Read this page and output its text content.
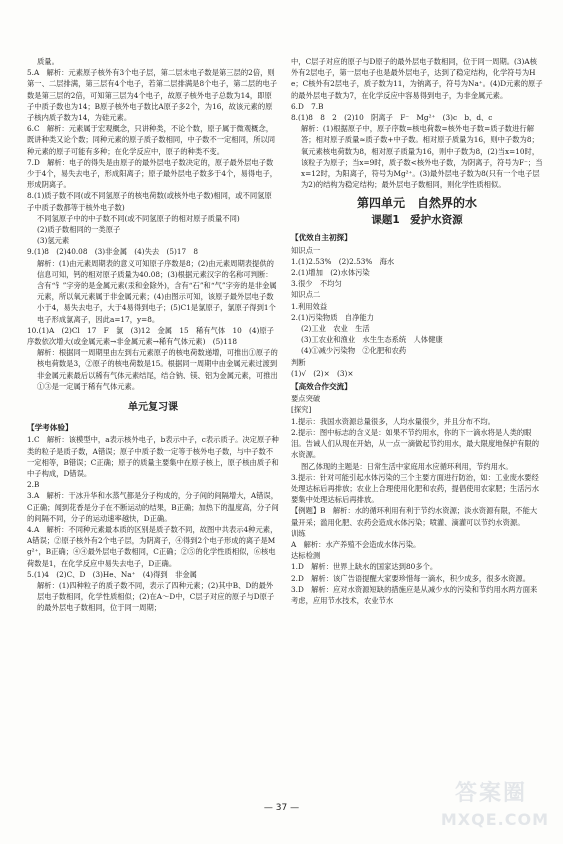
质量。
5.A　解析：元素原子核外有3个电子层，第二层未电子数是第三层的2倍，则第一、二层排满，第三层有4个电子，若第二层排满是8个电子，第二层的电子数是第三层的2倍，可知第三层为4个电子，故原子核外电子总数为14，即原子中质子数也为14；B原子核外电子数比A原子多2个，为16，故该元素的原子核内质子数为14，为硅元素。
6.C　解析：元素属于宏观概念，只讲种类，不论个数，原子属于微观概念，既讲种类又论个数；同种元素的原子质子数相同，中子数不一定相同，所以同种元素的原子可能有多种；在化学反应中，原子的种类不变。
7.D　解析：电子的得失是由原子的最外层电子数决定的，原子最外层电子数少于4个，易失去电子，形成阳离子；原子最外层电子数多于4个，易得电子，形成阴离子。
8.(1)质子数不同(或不同氢原子的核电荷数(或核外电子数)相同，或不同氢原子中质子数都等于核外电子数)
不同氢原子中的中子数不同(或不同氢原子的相对原子质量不同)
(2)质子数相同的一类原子
(3)氢元素
9.(1)8　(2)40.08　(3)非金属　(4)失去　(5)17　8
解析：(1)由元素周期表的意义可知原子序数是8；(2)由元素周期表提供的信息可知，钙的相对原子质量为40.08；(3)根据元素汉字的名称可判断：含有“钅”字旁的是金属元素(汞和金除外)，含有“石”和“气”字旁的是非金属元素，所以氧元素属于非金属元素；(4)由图示可知，该原子最外层电子数小于4，易失去电子，大于4易得到电子；(5)C1是氯原子，氯原子得到1个电子形成氯离子，因此a=17，y=8。
10.(1)A　(2)Cl　17　F　氯　(3)12　金属　15　稀有气体　10　(4)原子序数依次增大(或金属元素→非金属元素→稀有气体元素)　(5)118
解析：根据同一周期里由左到右元素原子的核电荷数递增，可推出①原子的核电荷数是3，②原子的核电荷数是15。根据同一周期中由金属元素过渡到非金属元素最后以稀有气体元素结尾，结合钠、镁、铝为金属元素，可推出①③是一定属于稀有气体元素。
单元复习课
【学考体验】
1.C　解析：该模型中，a表示核外电子，b表示中子，c表示质子。决定原子种类的粒子是质子数，A错误；原子中质子数一定等于核外电子数，与中子数不一定相等，B错误；C正确；原子的质量主要集中在原子核上，原子核由质子和中子构成，D错误。
2.B
3.A　解析：干冰升华和水蒸气都是分子构成的，分子间的间隔增大，A错误，C正确；闻到花香是分子在不断运动的结果，B正确；加热下的温度高，分子间的间隔不同，分子的运动速率越快，D正确。
4.A　解析：不同种元素最本质的区别是质子数不同，故图中共表示4种元素，A错误；②原子核外有2个电子层，为阴离子，④得到2个电子形成的离子是Mg²⁺，B正确；④④最外层电子数相同，C正确；②⑤的化学性质相似，⑥核电荷数是1，在化学反应中易失去电子，D正确。
5.(1)4　(2)C、D　(3)He、Na⁺　(4)得到　非金属
解析：(1)四种粒子的质子数不同，表示了四种元素；(2)其中B、D的最外层电子数相同，化学性质相似；(2)在A～D中，C层子对应的原子与D原子的最外层电子数相同，位于同一周期；
中，C层子对应的原子与D原子的最外层电子数相同，位于同一周期。(3)A核外有2层电子，第一层电子也是最外层电子，达到了稳定结构，化学符号为He；C核外有2层电子，质子数为11，为钠离子，符号为Na⁺。(4)D元素的原子的最外层电子数为7，在化学反应中容易得到电子，为非金属元素。
6.D　7.B
8.(1)8　8　2　(2)10　阴离子　F⁻　Mg²⁺　(3)c　b、d、c
解析：(1)根据原子中，原子序数=核电荷数=核外电子数=质子数进行解答；相对原子质量≈质子数+中子数。相对原子质量为16，则中子数为8；氧元素核电荷数为8，相对原子质量为16，则中子数为8，(2)当x=10时，该粒子为原子；当x=9时，质子数<核外电子数，为阴离子，符号为F⁻；当x=12时，为阳离子，符号为Mg²⁺。(3)最外层电子数为8(只有一个电子层为2)的结构为稳定结构；最外层电子数相同，则化学性质相似。
第四单元　自然界的水
课题1　爱护水资源
【优效自主初探】
知识点一
1.(1)2.53%　(2)2.53%　海水
2.(1)增加　(2)水体污染
3.很少　不均匀
知识点二
1.利用效益
2.(1)污染物质　自净能力
(2)工业　农业　生活
(3)工农业和渔业　水生生态系统　人体健康
(4)①减少污染物　②化肥和农药
判断
(1)√　(2)×　(3)×
【高效合作交流】
要点突破
[探究]
1.提示：我国水资源总量很多，人均水量很少，并且分布不均。
2.提示：图中标志的含义是：如果不节约用水，你的下一滴水将是人类的眼泪。告诫人们从现在开始，从一点一滴做起节约用水，最大限度地保护有限的水资源。
图乙体现的主题是：日常生活中家庭用水应循环利用，节约用水。
3.提示：针对可能引起水体污染的三个主要方面进行防治，如：工业废水要经处理达标后再排放；农业上合理使用化肥和农药，提倡使用农家肥；生活污水要集中处理达标后再排放。
【例题】B　解析：水的循环利用有利于节约水资源；淡水资源有限，不能大量开采；滥用化肥、农药会造成水体污染；喷灌、滴灌可以节约水资源。
训练
A　解析：水产养殖不会造成水体污染。
达标检测
1.D　解析：世界上缺水的国家达到80多个。
2.D　解析：该广告语提醒大家要珍惜每一滴水，积少成多，很多水资源。
3.D　解析：应对水资源短缺的措施应是从减少水的污染和节约用水两方面来考虑，应用节水技术，农业节水
— 37 —
答案圈
MXQE.COM
